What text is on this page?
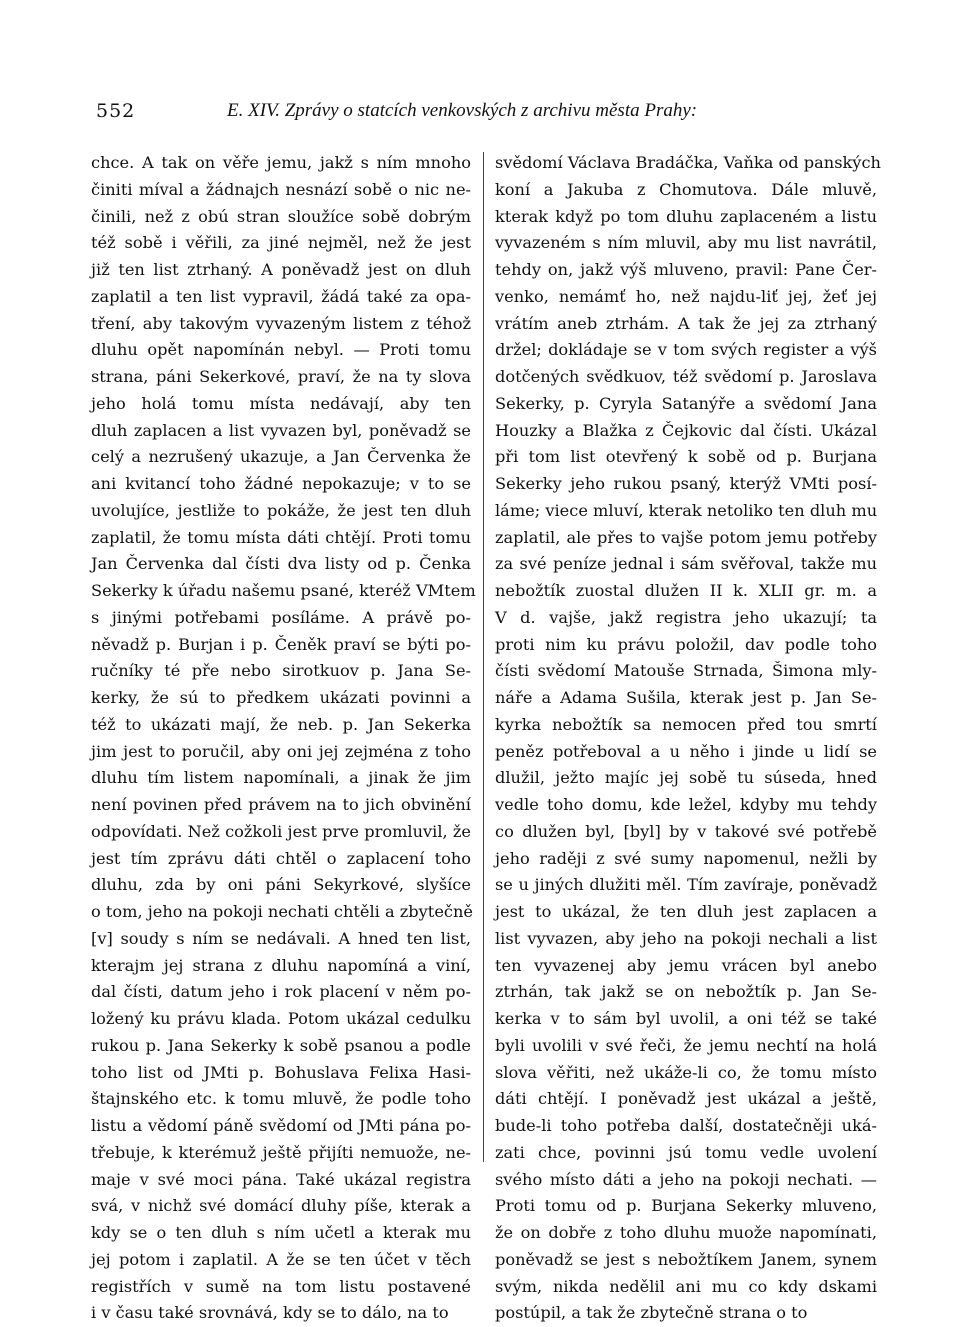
552	E. XIV. Zprávy o statcích venkovských z archivu města Prahy:
chce. A tak on věře jemu, jakž s ním mnoho
činiti míval a žádnajch nesnází sobě o nic ne-
činili, než z obú stran sloužíce sobě dobrým
též sobě i věřili, za jiné nejměl, než že jest
již ten list ztrhaný. A poněvadž jest on dluh
zaplatil a ten list vypravil, žádá také za opa-
tření, aby takovým vyvazeným listem z téhož
dluhu opět napomínán nebyl. — Proti tomu
strana, páni Sekerkové, praví, že na ty slova
jeho holá tomu místa nedávají, aby ten
dluh zaplacen a list vyvazen byl, poněvadž se
celý a nezrušený ukazuje, a Jan Červenka že
ani kvitancí toho žádné nepokazuje; v to se
uvolujíce, jestliže to pokáže, že jest ten dluh
zaplatil, že tomu místa dáti chtějí. Proti tomu
Jan Červenka dal čísti dva listy od p. Čenka
Sekerky k úřadu našemu psané, kteréž VMtem
s jinými potřebami posíláme. A právě po-
něvadž p. Burjan i p. Čeněk praví se býti po-
ručníky té pře nebo sirotkuov p. Jana Se-
kerky, že sú to předkem ukázati povinni a
též to ukázati mají, že neb. p. Jan Sekerka
jim jest to poručil, aby oni jej zejména z toho
dluhu tím listem napomínali, a jinak že jim
není povinen před právem na to jich obvinění
odpovídati. Než cožkoli jest prve promluvil, že
jest tím zprávu dáti chtěl o zaplacení toho
dluhu, zda by oni páni Sekyrkové, slyšíce
o tom, jeho na pokoji nechati chtěli a zbytečně
[v] soudy s ním se nedávali. A hned ten list,
kterajm jej strana z dluhu napomíná a viní,
dal čísti, datum jeho i rok placení v něm po-
ložený ku právu klada. Potom ukázal cedulku
rukou p. Jana Sekerky k sobě psanou a podle
toho list od JMti p. Bohuslava Felixa Hasi-
štajnského etc. k tomu mluvě, že podle toho
listu a vědomí páně svědomí od JMti pána po-
třebuje, k kterémuž ještě přijíti nemuože, ne-
maje v své moci pána. Také ukázal registra
svá, v nichž své domácí dluhy píše, kterak a
kdy se o ten dluh s ním učetl a kterak mu
jej potom i zaplatil. A že se ten účet v těch
registřích v sumě na tom listu postavené
i v času také srovnává, kdy se to dálo, na to
svědomí Václava Bradáčka, Vaňka od panských
koní a Jakuba z Chomutova. Dále mluvě,
kterak když po tom dluhu zaplaceném a listu
vyvazeném s ním mluvil, aby mu list navrátil,
tehdy on, jakž výš mluveno, pravil: Pane Čer-
venko, nemámť ho, než najdu-liť jej, žeť jej
vrátím aneb ztrhám. A tak že jej za ztrhaný
držel; dokládaje se v tom svých register a výš
dotčených svědkuov, též svědomí p. Jaroslava
Sekerky, p. Cyryla Satanýře a svědomí Jana
Houzky a Blažka z Čejkovic dal čísti. Ukázal
při tom list otevřený k sobě od p. Burjana
Sekerky jeho rukou psaný, kterýž VMti posí-
láme; viece mluví, kterak netoliko ten dluh mu
zaplatil, ale přes to vajše potom jemu potřeby
za své peníze jednal i sám svěřoval, takže mu
nebožtík zuostal dlužen II k. XLII gr. m. a
V d. vajše, jakž registra jeho ukazují; ta
proti nim ku právu položil, dav podle toho
čísti svědomí Matouše Strnada, Šimona mly-
náře a Adama Sušila, kterak jest p. Jan Se-
kyrka nebožtík sa nemocen před tou smrtí
peněz potřeboval a u něho i jinde u lidí se
dlužil, ježto majíc jej sobě tu súseda, hned
vedle toho domu, kde ležel, kdyby mu tehdy
co dlužen byl, [byl] by v takové své potřebě
jeho raději z své sumy napomenul, nežli by
se u jiných dlužiti měl. Tím zavíraje, poněvadž
jest to ukázal, že ten dluh jest zaplacen a
list vyvazen, aby jeho na pokoji nechali a list
ten vyvazenej aby jemu vrácen byl anebo
ztrhán, tak jakž se on nebožtík p. Jan Se-
kerka v to sám byl uvolil, a oni též se také
byli uvolili v své řeči, že jemu nechtí na holá
slova věřiti, než ukáže-li co, že tomu místo
dáti chtějí. I poněvadž jest ukázal a ještě,
bude-li toho potřeba další, dostatečněji uká-
zati chce, povinni jsú tomu vedle uvolení
svého místo dáti a jeho na pokoji nechati. —
Proti tomu od p. Burjana Sekerky mluveno,
že on dobře z toho dluhu muože napomínati,
poněvadž se jest s nebožtíkem Janem, synem
svým, nikda nedělil ani mu co kdy dskami
postúpil, a tak že zbytečně strana o to
